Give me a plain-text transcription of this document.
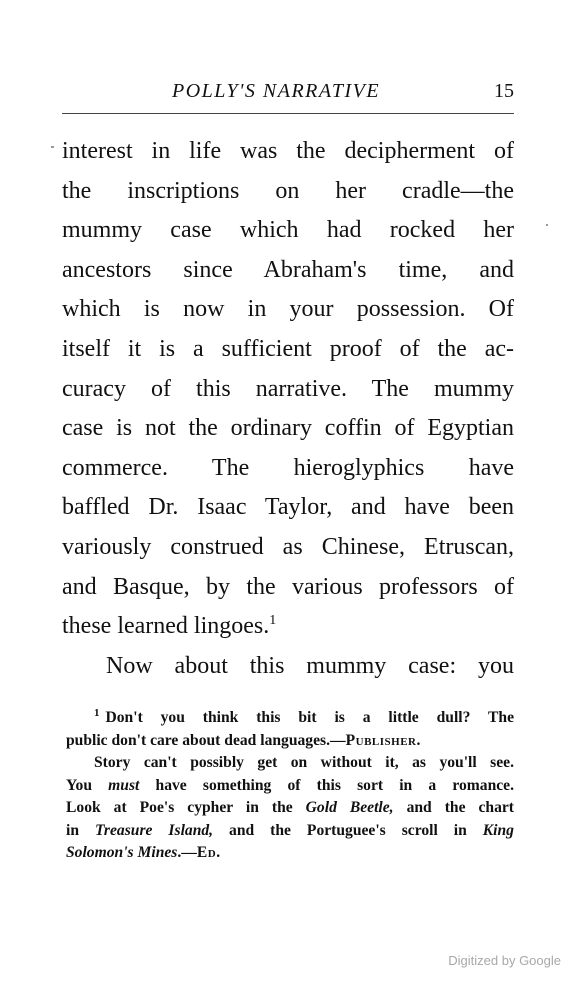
POLLY'S NARRATIVE	15
interest in life was the decipherment of
the inscriptions on her cradle—the
mummy case which had rocked her
ancestors since Abraham's time, and
which is now in your possession. Of
itself it is a sufficient proof of the ac-
curacy of this narrative. The mummy
case is not the ordinary coffin of Egyptian
commerce. The hieroglyphics have
baffled Dr. Isaac Taylor, and have been
variously construed as Chinese, Etruscan,
and Basque, by the various professors of
these learned lingoes.$^1$
Now about this mummy case: you
$^1$ Don't you think this bit is a little dull? The
public don't care about dead languages.—Publisher.
Story can't possibly get on without it, as you'll see.
You must have something of this sort in a romance.
Look at Poe's cypher in the Gold Beetle, and the chart
in Treasure Island, and the Portuguee's scroll in King
Solomon's Mines.—Ed.
Digitized by Google
